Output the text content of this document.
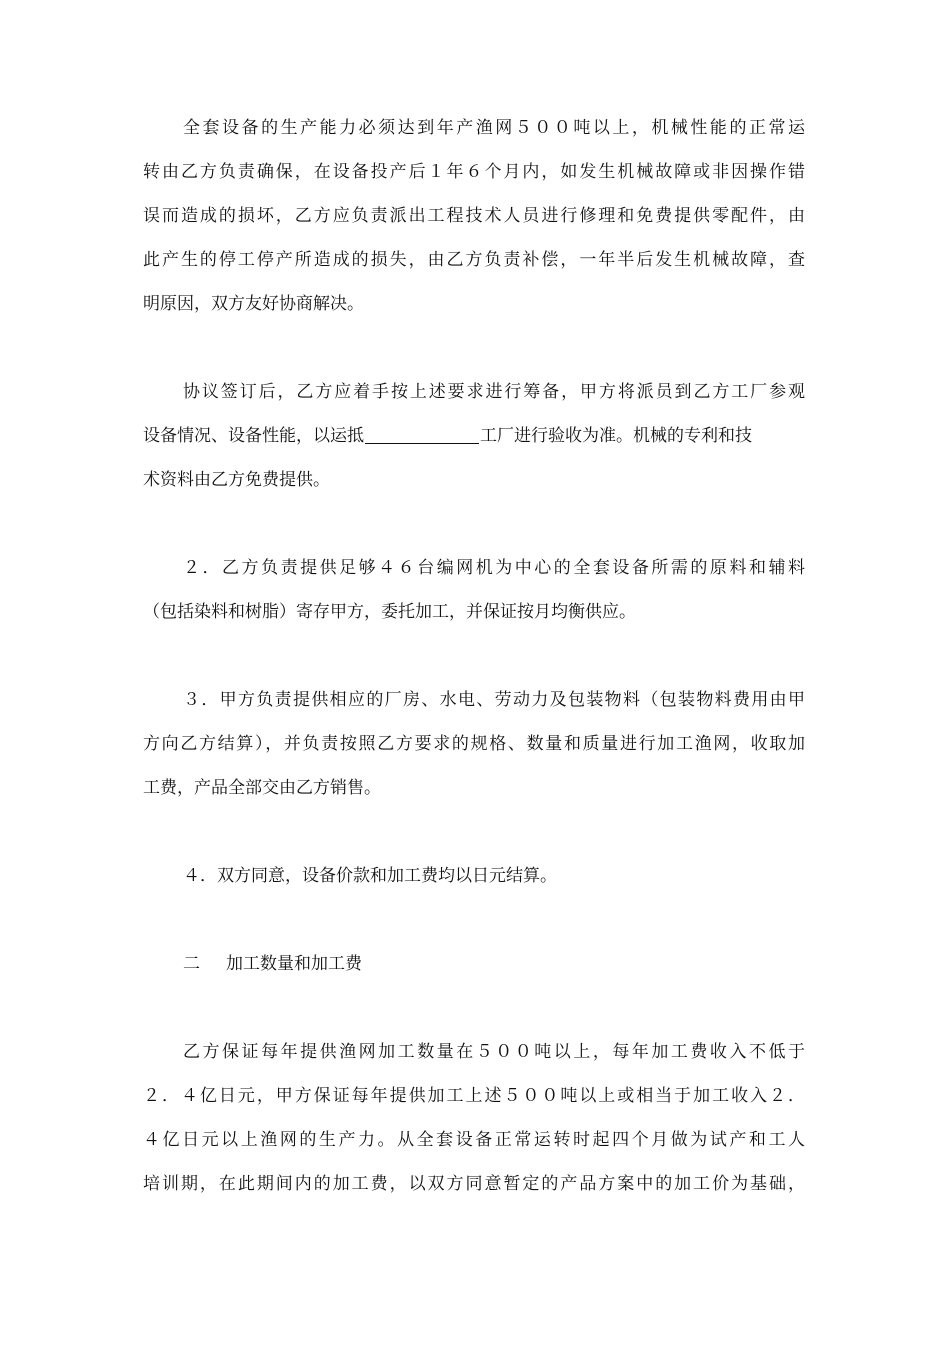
全套设备的生产能力必须达到年产渔网５００吨以上，机械性能的正常运
转由乙方负责确保，在设备投产后１年６个月内，如发生机械故障或非因操作错
误而造成的损坏，乙方应负责派出工程技术人员进行修理和免费提供零配件，由
此产生的停工停产所造成的损失，由乙方负责补偿，一年半后发生机械故障，查
明原因，双方友好协商解决。
协议签订后，乙方应着手按上述要求进行筹备，甲方将派员到乙方工厂参观
设备情况、设备性能，以运抵	工厂进行验收为准。机械的专利和技
术资料由乙方免费提供。
２．乙方负责提供足够４６台编网机为中心的全套设备所需的原料和辅料
（包括染料和树脂）寄存甲方，委托加工，并保证按月均衡供应。
３．甲方负责提供相应的厂房、水电、劳动力及包装物料（包装物料费用由甲
方向乙方结算），并负责按照乙方要求的规格、数量和质量进行加工渔网，收取加
工费，产品全部交由乙方销售。
４．双方同意，设备价款和加工费均以日元结算。
二 加工数量和加工费
乙方保证每年提供渔网加工数量在５００吨以上，每年加工费收入不低于
２．４亿日元，甲方保证每年提供加工上述５００吨以上或相当于加工收入２．
４亿日元以上渔网的生产力。从全套设备正常运转时起四个月做为试产和工人
培训期，在此期间内的加工费，以双方同意暂定的产品方案中的加工价为基础，
